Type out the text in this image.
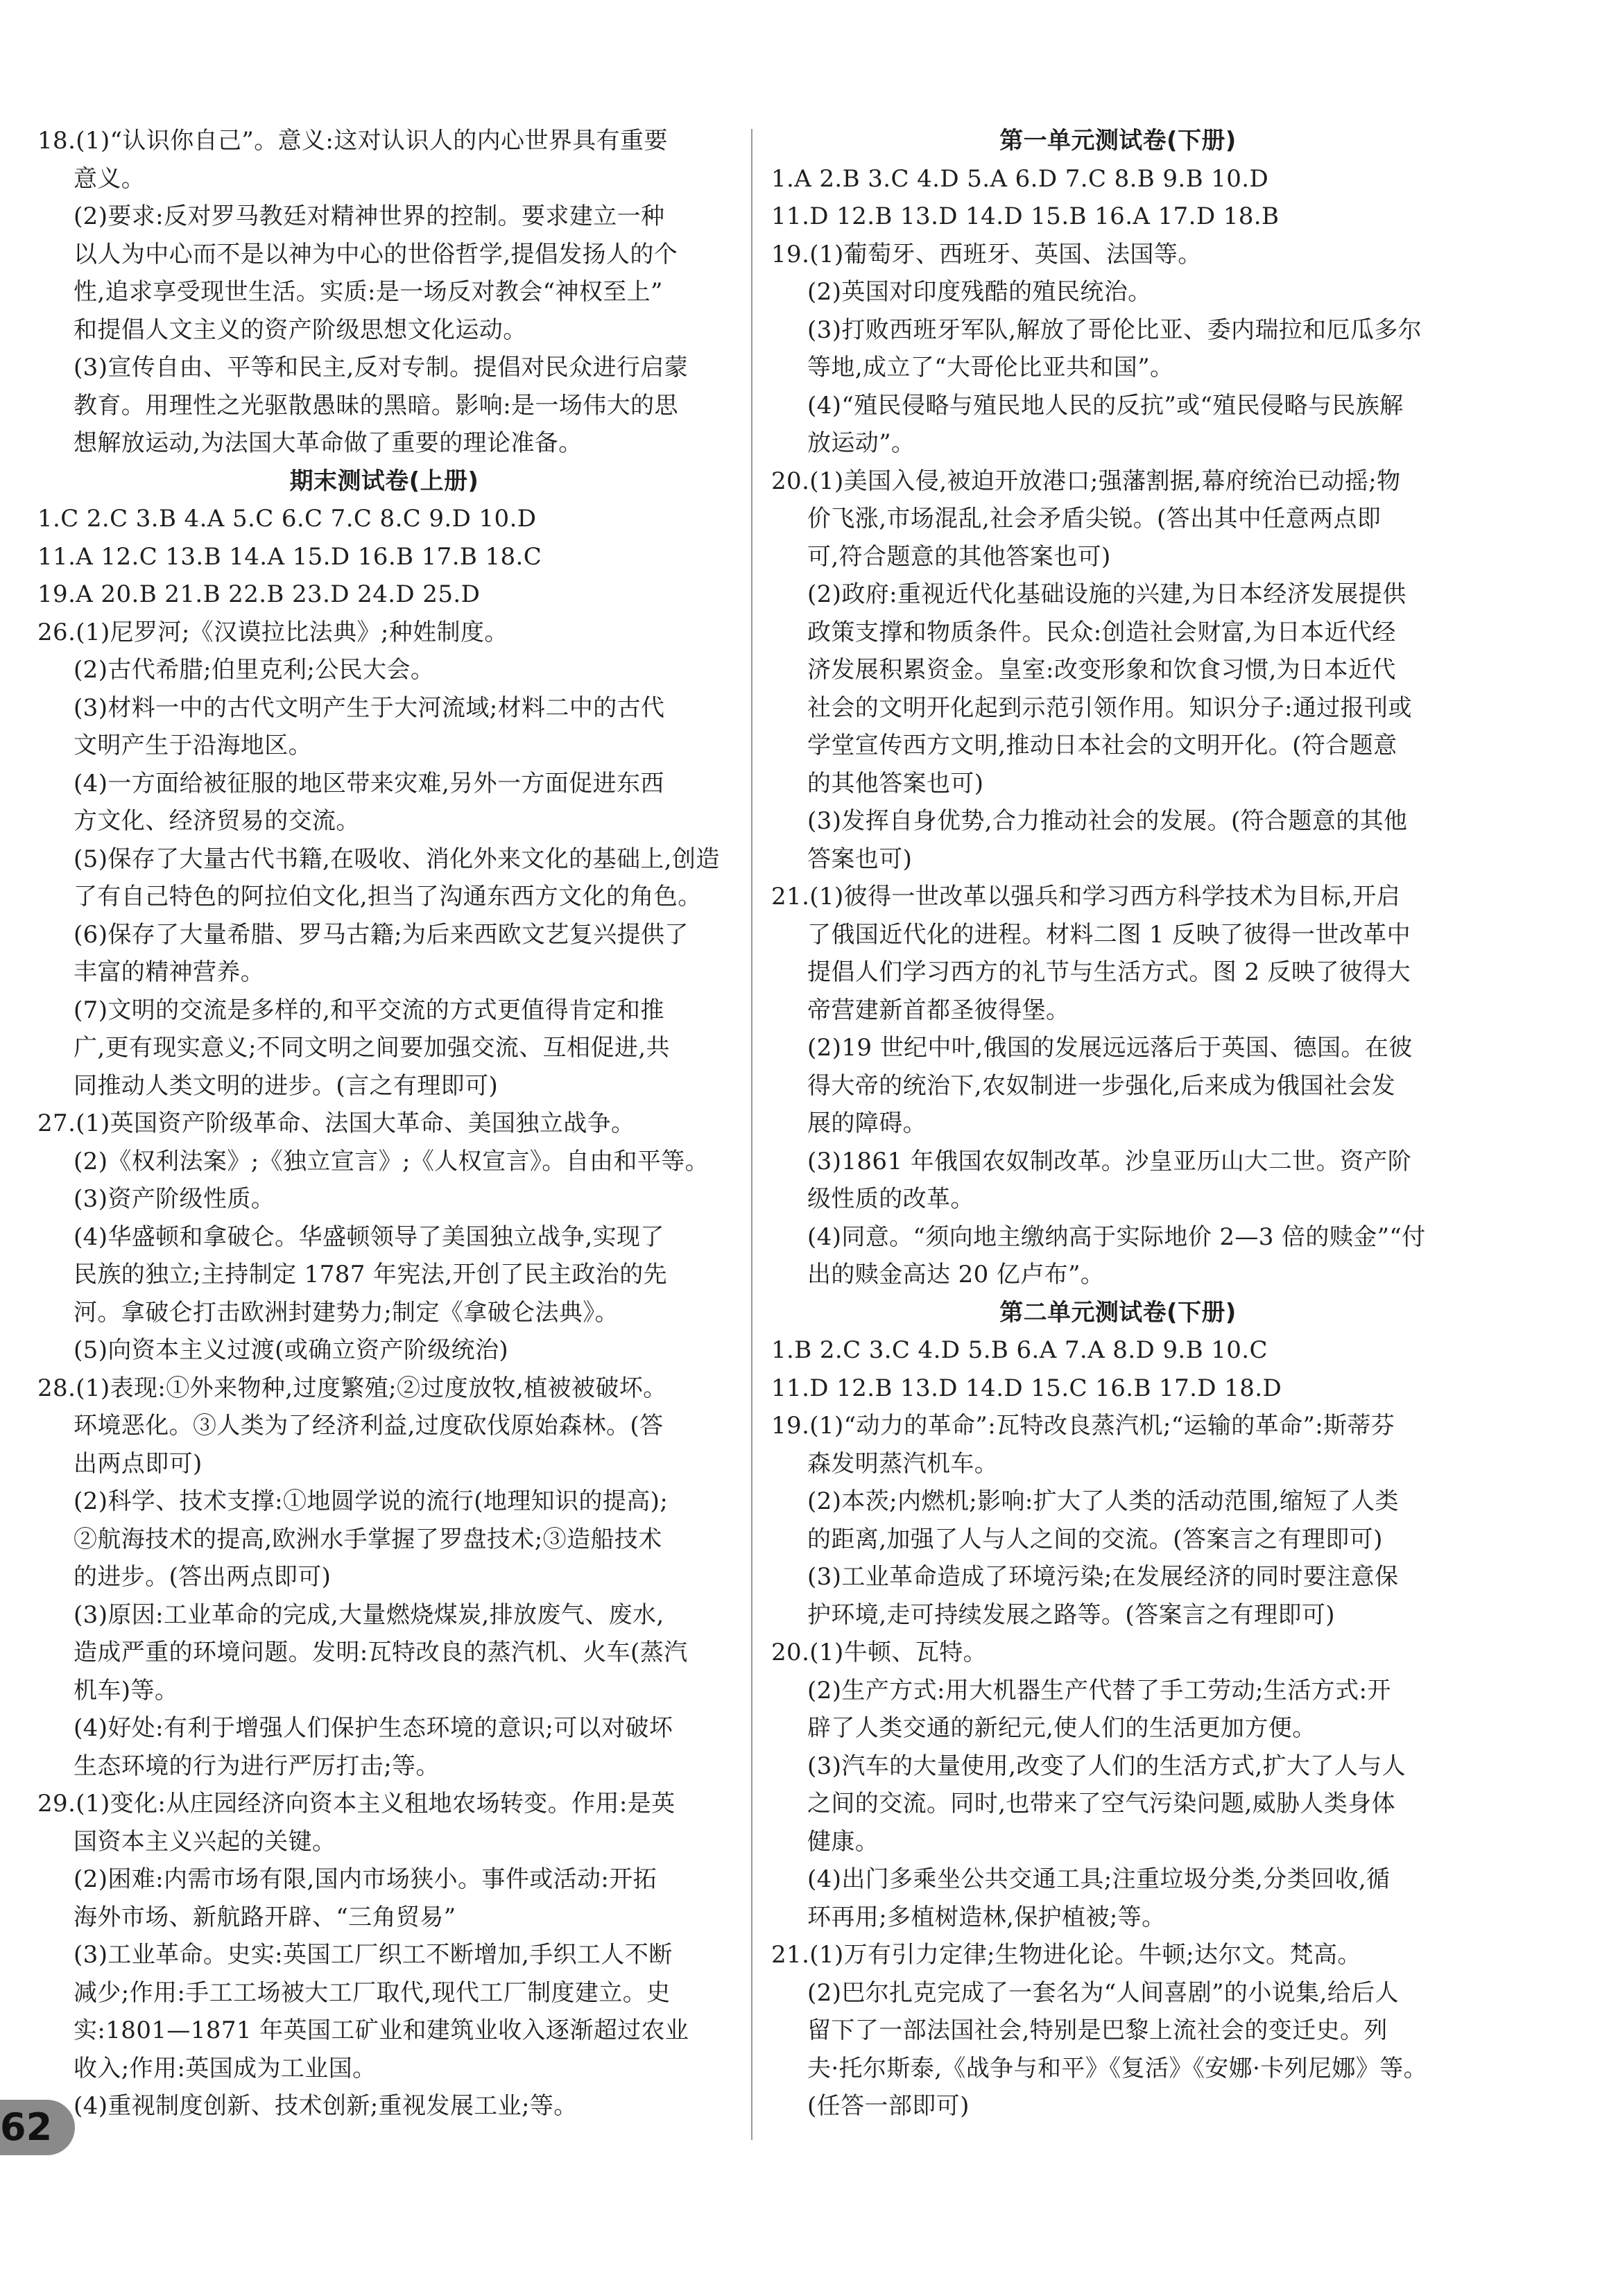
18.(1)“认识你自己”。意义:这对认识人的内心世界具有重要
意义。
(2)要求:反对罗马教廷对精神世界的控制。要求建立一种
以人为中心而不是以神为中心的世俗哲学,提倡发扬人的个
性,追求享受现世生活。实质:是一场反对教会“神权至上”
和提倡人文主义的资产阶级思想文化运动。
(3)宣传自由、平等和民主,反对专制。提倡对民众进行启蒙
教育。用理性之光驱散愚昧的黑暗。影响:是一场伟大的思
想解放运动,为法国大革命做了重要的理论准备。
期末测试卷(上册)
1.C 2.C 3.B 4.A 5.C 6.C 7.C 8.C 9.D 10.D
11.A 12.C 13.B 14.A 15.D 16.B 17.B 18.C
19.A 20.B 21.B 22.B 23.D 24.D 25.D
26.(1)尼罗河;《汉谟拉比法典》;种姓制度。
(2)古代希腊;伯里克利;公民大会。
(3)材料一中的古代文明产生于大河流域;材料二中的古代
文明产生于沿海地区。
(4)一方面给被征服的地区带来灾难,另外一方面促进东西
方文化、经济贸易的交流。
(5)保存了大量古代书籍,在吸收、消化外来文化的基础上,创造
了有自己特色的阿拉伯文化,担当了沟通东西方文化的角色。
(6)保存了大量希腊、罗马古籍;为后来西欧文艺复兴提供了
丰富的精神营养。
(7)文明的交流是多样的,和平交流的方式更值得肯定和推
广,更有现实意义;不同文明之间要加强交流、互相促进,共
同推动人类文明的进步。(言之有理即可)
27.(1)英国资产阶级革命、法国大革命、美国独立战争。
(2)《权利法案》;《独立宣言》;《人权宣言》。自由和平等。
(3)资产阶级性质。
(4)华盛顿和拿破仑。华盛顿领导了美国独立战争,实现了
民族的独立;主持制定 1787 年宪法,开创了民主政治的先
河。拿破仑打击欧洲封建势力;制定《拿破仑法典》。
(5)向资本主义过渡(或确立资产阶级统治)
28.(1)表现:①外来物种,过度繁殖;②过度放牧,植被被破坏。
环境恶化。③人类为了经济利益,过度砍伐原始森林。(答
出两点即可)
(2)科学、技术支撑:①地圆学说的流行(地理知识的提高);
②航海技术的提高,欧洲水手掌握了罗盘技术;③造船技术
的进步。(答出两点即可)
(3)原因:工业革命的完成,大量燃烧煤炭,排放废气、废水,
造成严重的环境问题。发明:瓦特改良的蒸汽机、火车(蒸汽
机车)等。
(4)好处:有利于增强人们保护生态环境的意识;可以对破坏
生态环境的行为进行严厉打击;等。
29.(1)变化:从庄园经济向资本主义租地农场转变。作用:是英
国资本主义兴起的关键。
(2)困难:内需市场有限,国内市场狭小。事件或活动:开拓
海外市场、新航路开辟、“三角贸易”
(3)工业革命。史实:英国工厂织工不断增加,手织工人不断
减少;作用:手工工场被大工厂取代,现代工厂制度建立。史
实:1801—1871 年英国工矿业和建筑业收入逐渐超过农业
收入;作用:英国成为工业国。
(4)重视制度创新、技术创新;重视发展工业;等。
第一单元测试卷(下册)
1.A 2.B 3.C 4.D 5.A 6.D 7.C 8.B 9.B 10.D
11.D 12.B 13.D 14.D 15.B 16.A 17.D 18.B
19.(1)葡萄牙、西班牙、英国、法国等。
(2)英国对印度残酷的殖民统治。
(3)打败西班牙军队,解放了哥伦比亚、委内瑞拉和厄瓜多尔
等地,成立了“大哥伦比亚共和国”。
(4)“殖民侵略与殖民地人民的反抗”或“殖民侵略与民族解
放运动”。
20.(1)美国入侵,被迫开放港口;强藩割据,幕府统治已动摇;物
价飞涨,市场混乱,社会矛盾尖锐。(答出其中任意两点即
可,符合题意的其他答案也可)
(2)政府:重视近代化基础设施的兴建,为日本经济发展提供
政策支撑和物质条件。民众:创造社会财富,为日本近代经
济发展积累资金。皇室:改变形象和饮食习惯,为日本近代
社会的文明开化起到示范引领作用。知识分子:通过报刊或
学堂宣传西方文明,推动日本社会的文明开化。(符合题意
的其他答案也可)
(3)发挥自身优势,合力推动社会的发展。(符合题意的其他
答案也可)
21.(1)彼得一世改革以强兵和学习西方科学技术为目标,开启
了俄国近代化的进程。材料二图 1 反映了彼得一世改革中
提倡人们学习西方的礼节与生活方式。图 2 反映了彼得大
帝营建新首都圣彼得堡。
(2)19 世纪中叶,俄国的发展远远落后于英国、德国。在彼
得大帝的统治下,农奴制进一步强化,后来成为俄国社会发
展的障碍。
(3)1861 年俄国农奴制改革。沙皇亚历山大二世。资产阶
级性质的改革。
(4)同意。“须向地主缴纳高于实际地价 2—3 倍的赎金”“付
出的赎金高达 20 亿卢布”。
第二单元测试卷(下册)
1.B 2.C 3.C 4.D 5.B 6.A 7.A 8.D 9.B 10.C
11.D 12.B 13.D 14.D 15.C 16.B 17.D 18.D
19.(1)“动力的革命”:瓦特改良蒸汽机;“运输的革命”:斯蒂芬
森发明蒸汽机车。
(2)本茨;内燃机;影响:扩大了人类的活动范围,缩短了人类
的距离,加强了人与人之间的交流。(答案言之有理即可)
(3)工业革命造成了环境污染;在发展经济的同时要注意保
护环境,走可持续发展之路等。(答案言之有理即可)
20.(1)牛顿、瓦特。
(2)生产方式:用大机器生产代替了手工劳动;生活方式:开
辟了人类交通的新纪元,使人们的生活更加方便。
(3)汽车的大量使用,改变了人们的生活方式,扩大了人与人
之间的交流。同时,也带来了空气污染问题,威胁人类身体
健康。
(4)出门多乘坐公共交通工具;注重垃圾分类,分类回收,循
环再用;多植树造林,保护植被;等。
21.(1)万有引力定律;生物进化论。牛顿;达尔文。梵高。
(2)巴尔扎克完成了一套名为“人间喜剧”的小说集,给后人
留下了一部法国社会,特别是巴黎上流社会的变迁史。列
夫·托尔斯泰,《战争与和平》《复活》《安娜·卡列尼娜》等。
(任答一部即可)
62
